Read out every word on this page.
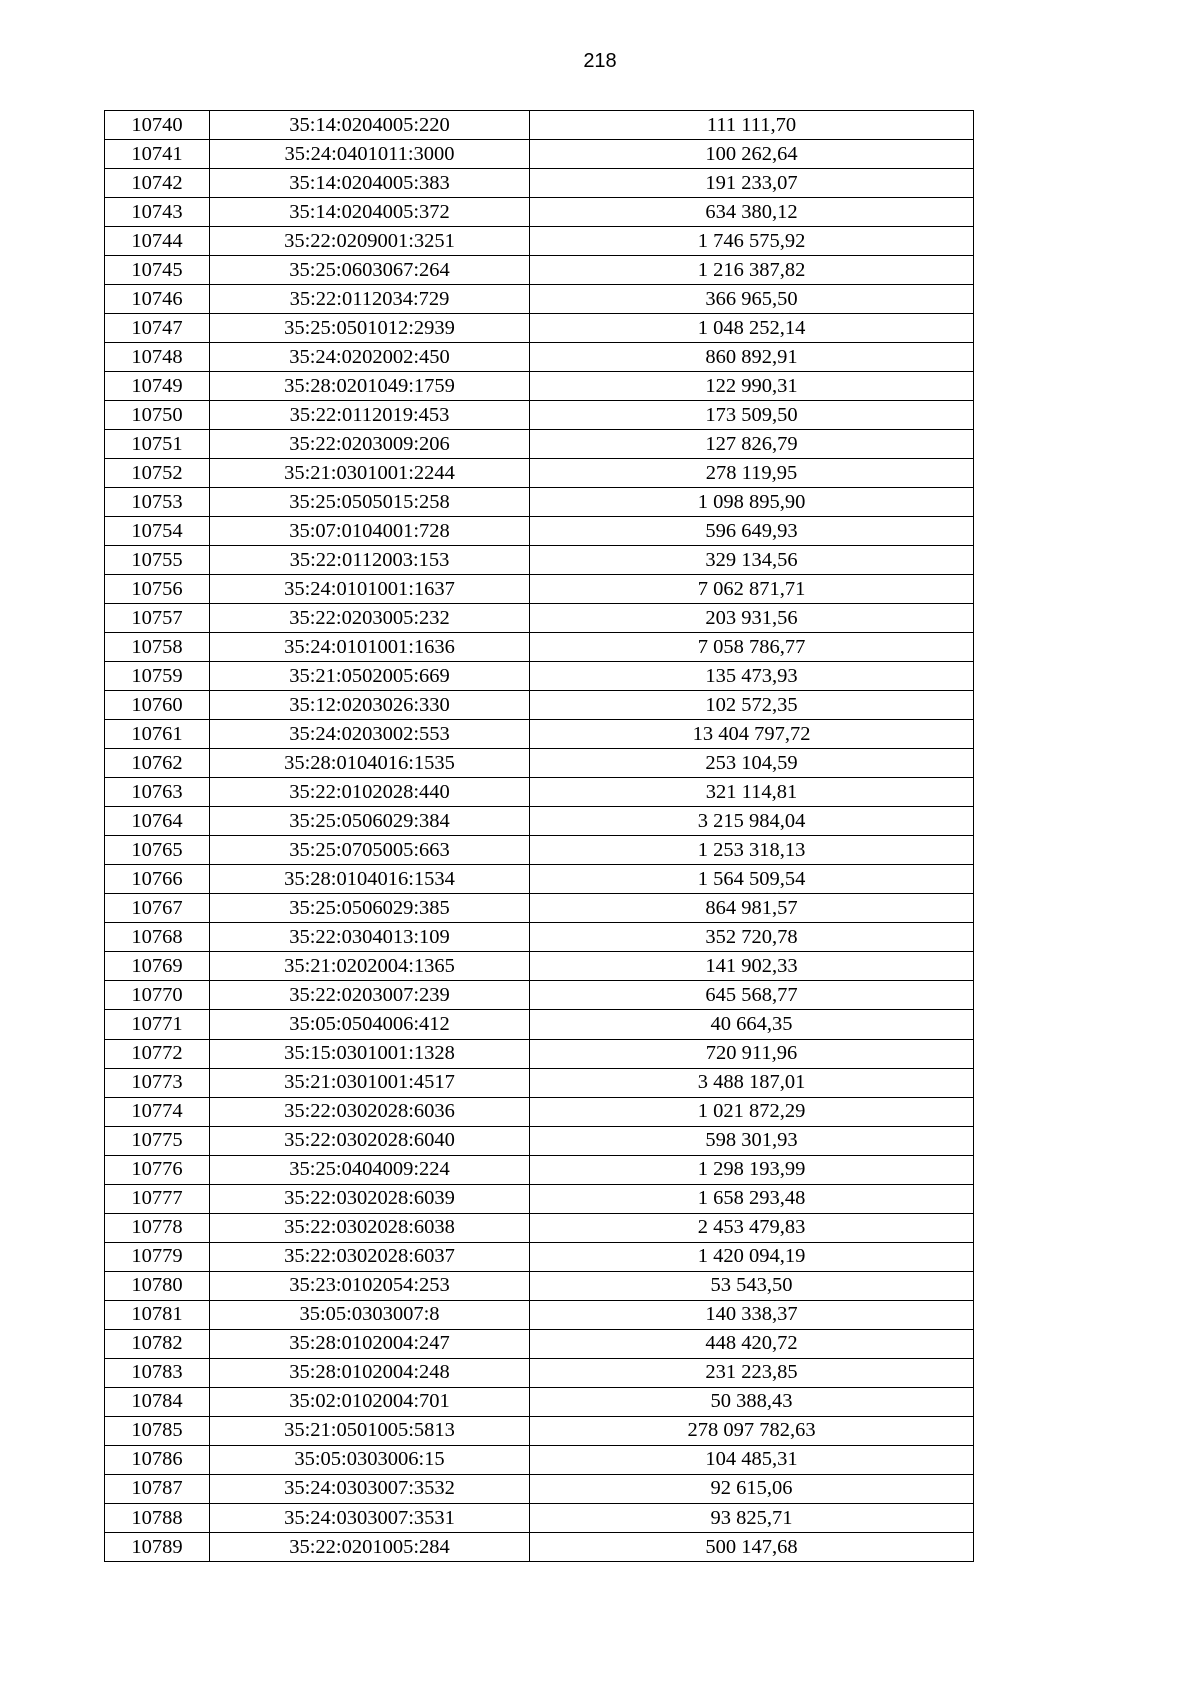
218
10740	35:14:0204005:220	111 111,70
10741	35:24:0401011:3000	100 262,64
10742	35:14:0204005:383	191 233,07
10743	35:14:0204005:372	634 380,12
10744	35:22:0209001:3251	1 746 575,92
10745	35:25:0603067:264	1 216 387,82
10746	35:22:0112034:729	366 965,50
10747	35:25:0501012:2939	1 048 252,14
10748	35:24:0202002:450	860 892,91
10749	35:28:0201049:1759	122 990,31
10750	35:22:0112019:453	173 509,50
10751	35:22:0203009:206	127 826,79
10752	35:21:0301001:2244	278 119,95
10753	35:25:0505015:258	1 098 895,90
10754	35:07:0104001:728	596 649,93
10755	35:22:0112003:153	329 134,56
10756	35:24:0101001:1637	7 062 871,71
10757	35:22:0203005:232	203 931,56
10758	35:24:0101001:1636	7 058 786,77
10759	35:21:0502005:669	135 473,93
10760	35:12:0203026:330	102 572,35
10761	35:24:0203002:553	13 404 797,72
10762	35:28:0104016:1535	253 104,59
10763	35:22:0102028:440	321 114,81
10764	35:25:0506029:384	3 215 984,04
10765	35:25:0705005:663	1 253 318,13
10766	35:28:0104016:1534	1 564 509,54
10767	35:25:0506029:385	864 981,57
10768	35:22:0304013:109	352 720,78
10769	35:21:0202004:1365	141 902,33
10770	35:22:0203007:239	645 568,77
10771	35:05:0504006:412	40 664,35
10772	35:15:0301001:1328	720 911,96
10773	35:21:0301001:4517	3 488 187,01
10774	35:22:0302028:6036	1 021 872,29
10775	35:22:0302028:6040	598 301,93
10776	35:25:0404009:224	1 298 193,99
10777	35:22:0302028:6039	1 658 293,48
10778	35:22:0302028:6038	2 453 479,83
10779	35:22:0302028:6037	1 420 094,19
10780	35:23:0102054:253	53 543,50
10781	35:05:0303007:8	140 338,37
10782	35:28:0102004:247	448 420,72
10783	35:28:0102004:248	231 223,85
10784	35:02:0102004:701	50 388,43
10785	35:21:0501005:5813	278 097 782,63
10786	35:05:0303006:15	104 485,31
10787	35:24:0303007:3532	92 615,06
10788	35:24:0303007:3531	93 825,71
10789	35:22:0201005:284	500 147,68
